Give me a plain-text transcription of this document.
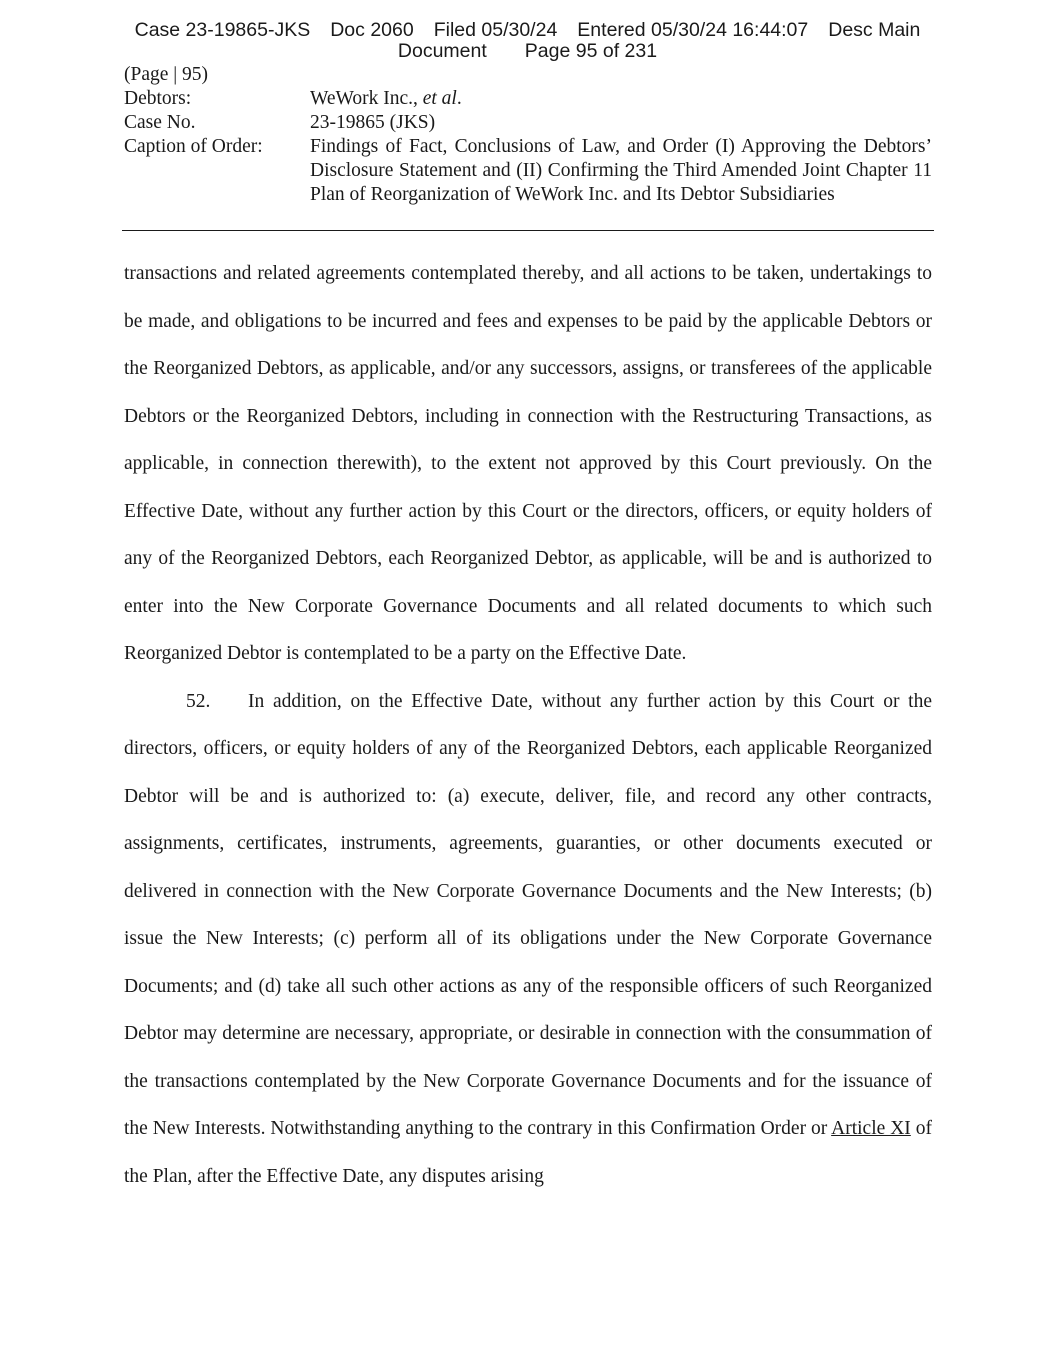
Case 23-19865-JKS Doc 2060 Filed 05/30/24 Entered 05/30/24 16:44:07 Desc Main
Document Page 95 of 231
(Page | 95)
Debtors:	WeWork Inc., et al.
Case No.	23-19865 (JKS)
Caption of Order:	Findings of Fact, Conclusions of Law, and Order (I) Approving the Debtors’ Disclosure Statement and (II) Confirming the Third Amended Joint Chapter 11 Plan of Reorganization of WeWork Inc. and Its Debtor Subsidiaries

transactions and related agreements contemplated thereby, and all actions to be taken, undertakings to be made, and obligations to be incurred and fees and expenses to be paid by the applicable Debtors or the Reorganized Debtors, as applicable, and/or any successors, assigns, or transferees of the applicable Debtors or the Reorganized Debtors, including in connection with the Restructuring Transactions, as applicable, in connection therewith), to the extent not approved by this Court previously. On the Effective Date, without any further action by this Court or the directors, officers, or equity holders of any of the Reorganized Debtors, each Reorganized Debtor, as applicable, will be and is authorized to enter into the New Corporate Governance Documents and all related documents to which such Reorganized Debtor is contemplated to be a party on the Effective Date.

52. In addition, on the Effective Date, without any further action by this Court or the directors, officers, or equity holders of any of the Reorganized Debtors, each applicable Reorganized Debtor will be and is authorized to: (a) execute, deliver, file, and record any other contracts, assignments, certificates, instruments, agreements, guaranties, or other documents executed or delivered in connection with the New Corporate Governance Documents and the New Interests; (b) issue the New Interests; (c) perform all of its obligations under the New Corporate Governance Documents; and (d) take all such other actions as any of the responsible officers of such Reorganized Debtor may determine are necessary, appropriate, or desirable in connection with the consummation of the transactions contemplated by the New Corporate Governance Documents and for the issuance of the New Interests. Notwithstanding anything to the contrary in this Confirmation Order or Article XI of the Plan, after the Effective Date, any disputes arising
